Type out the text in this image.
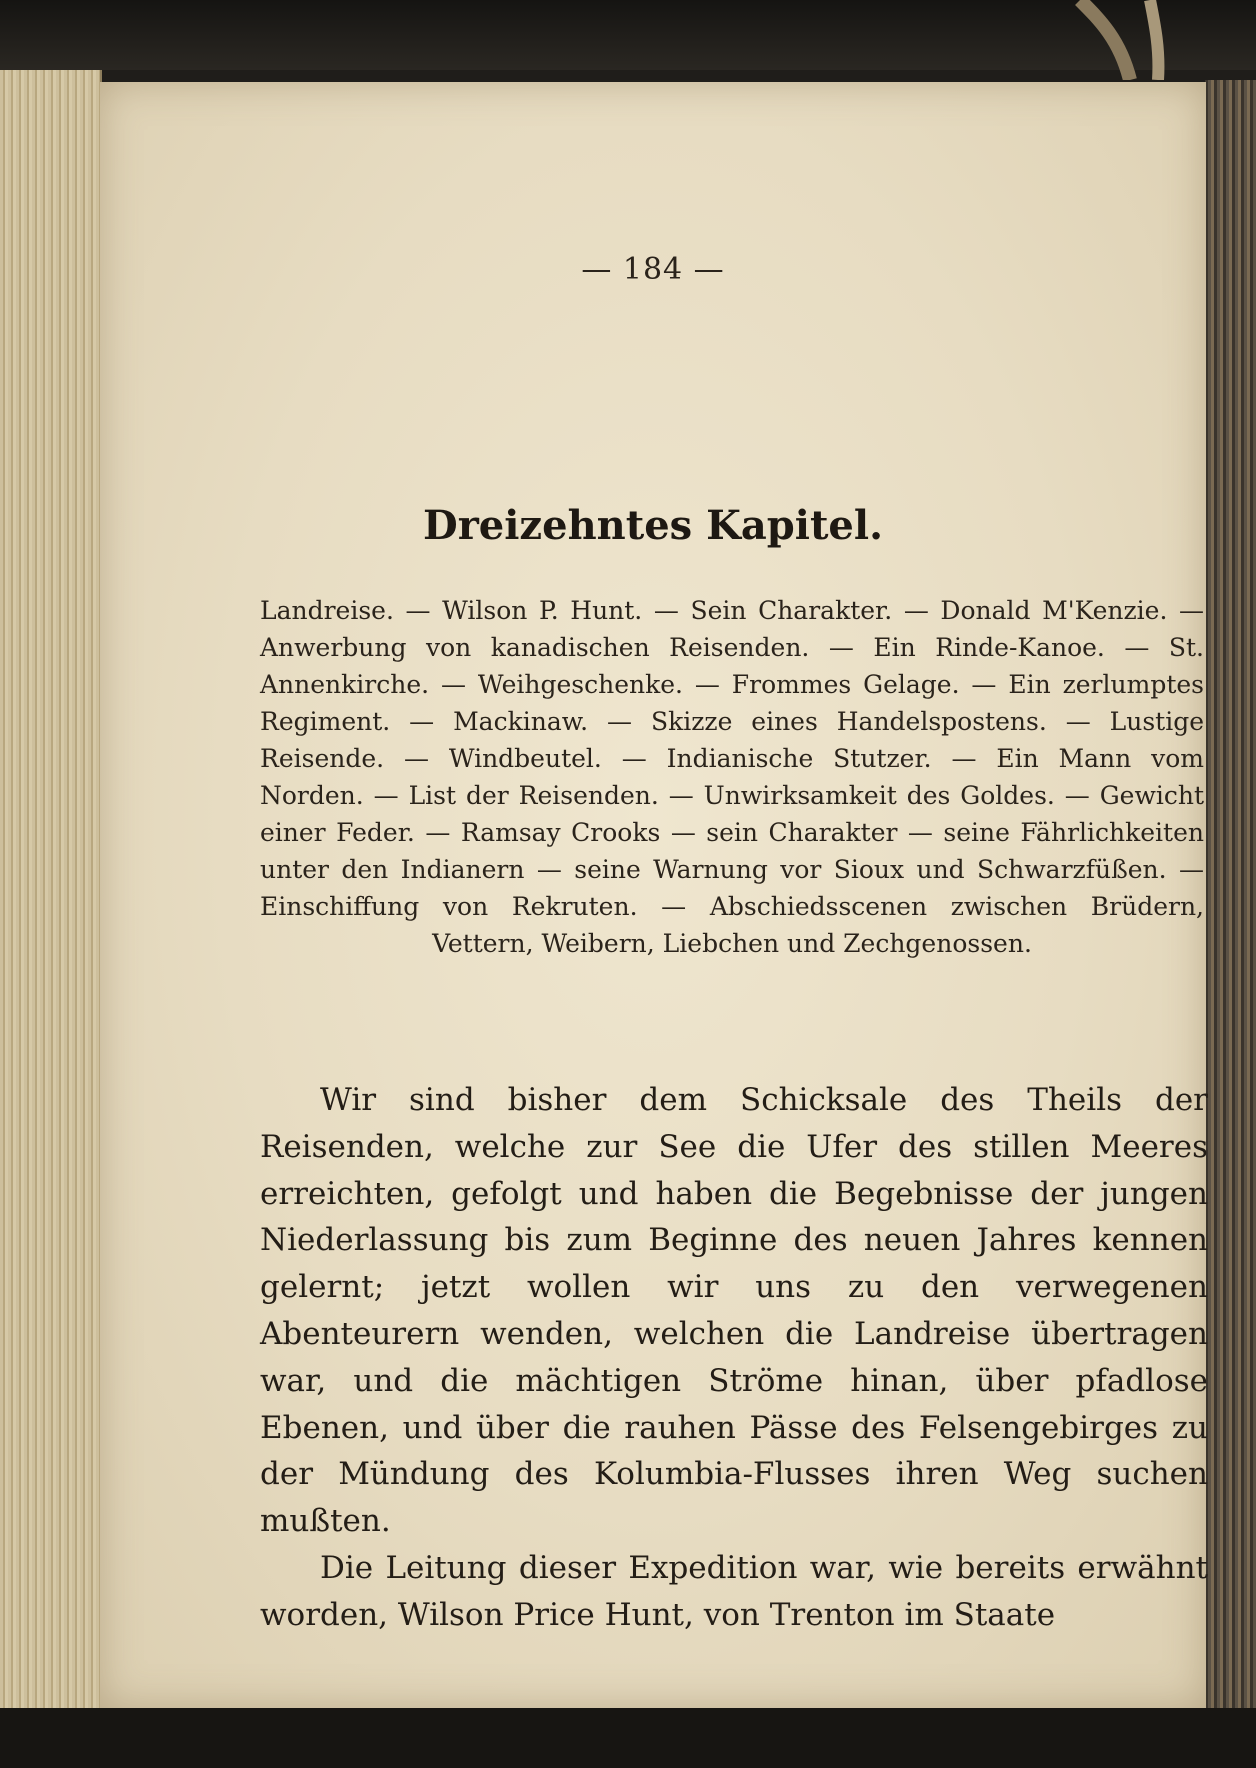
— 184 —
Dreizehntes Kapitel.
Landreise. — Wilson P. Hunt. — Sein Charakter. — Donald M'Kenzie. — Anwerbung von kanadischen Reisenden. — Ein Rinde-Kanoe. — St. Annenkirche. — Weihgeschenke. — Frommes Gelage. — Ein zerlumptes Regiment. — Mackinaw. — Skizze eines Handelspostens. — Lustige Reisende. — Windbeutel. — Indianische Stutzer. — Ein Mann vom Norden. — List der Reisenden. — Unwirksamkeit des Goldes. — Gewicht einer Feder. — Ramsay Crooks — sein Charakter — seine Fährlichkeiten unter den Indianern — seine Warnung vor Sioux und Schwarzfüßen. — Einschiffung von Rekruten. — Abschiedsscenen zwischen Brüdern, Vettern, Weibern, Liebchen und Zechgenossen.

Wir sind bisher dem Schicksale des Theils der Reisenden, welche zur See die Ufer des stillen Meeres erreichten, gefolgt und haben die Begebnisse der jungen Niederlassung bis zum Beginne des neuen Jahres kennen gelernt; jetzt wollen wir uns zu den verwegenen Abenteurern wenden, welchen die Landreise übertragen war, und die mächtigen Ströme hinan, über pfadlose Ebenen, und über die rauhen Pässe des Felsengebirges zu der Mündung des Kolumbia-Flusses ihren Weg suchen mußten.

Die Leitung dieser Expedition war, wie bereits erwähnt worden, Wilson Price Hunt, von Trenton im Staate
